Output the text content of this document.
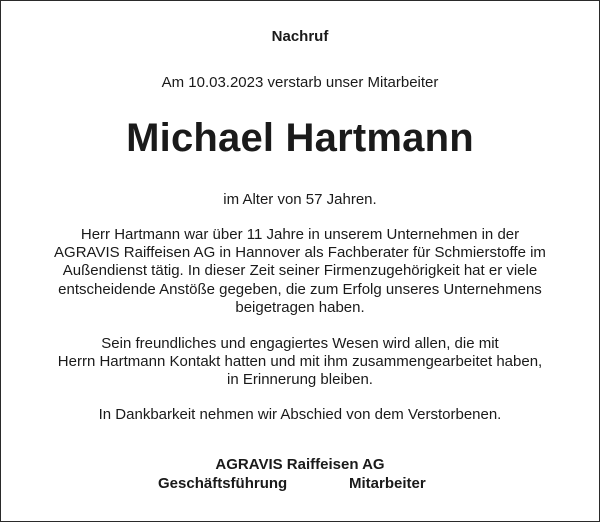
Nachruf
Am 10.03.2023 verstarb unser Mitarbeiter
Michael Hartmann
im Alter von 57 Jahren.
Herr Hartmann war über 11 Jahre in unserem Unternehmen in der
AGRAVIS Raiffeisen AG in Hannover als Fachberater für Schmierstoffe im
Außendienst tätig. In dieser Zeit seiner Firmenzugehörigkeit hat er viele
entscheidende Anstöße gegeben, die zum Erfolg unseres Unternehmens
beigetragen haben.
Sein freundliches und engagiertes Wesen wird allen, die mit
Herrn Hartmann Kontakt hatten und mit ihm zusammengearbeitet haben,
in Erinnerung bleiben.
In Dankbarkeit nehmen wir Abschied von dem Verstorbenen.
AGRAVIS Raiffeisen AG
Geschäftsführung	Mitarbeiter
